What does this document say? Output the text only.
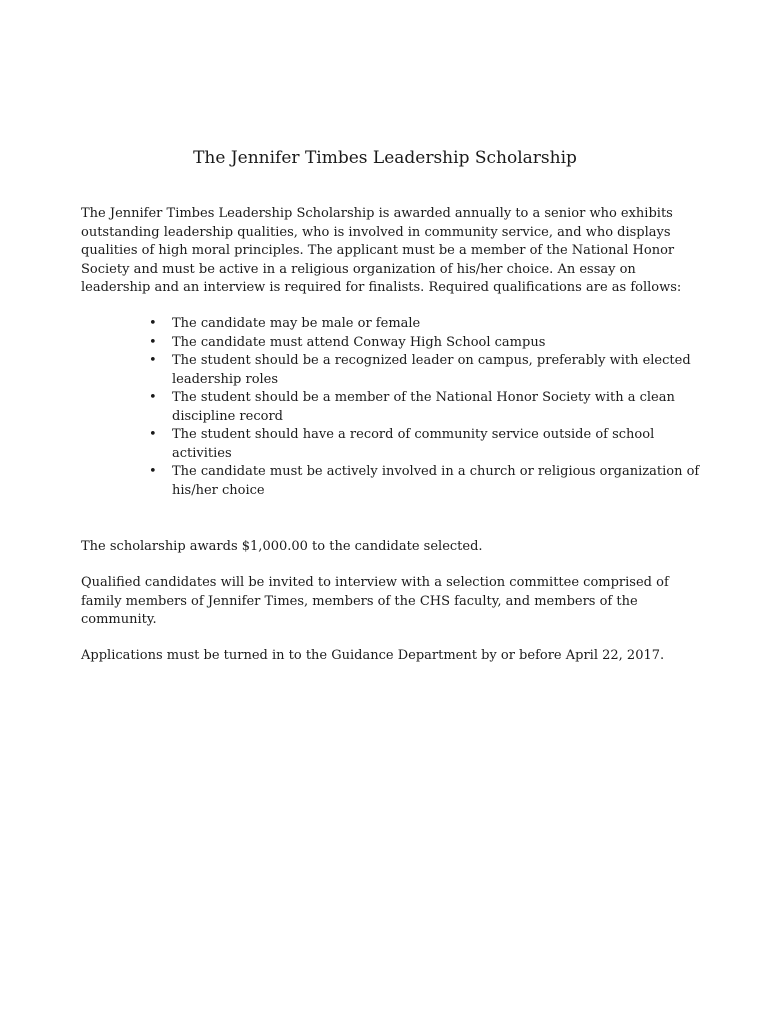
The Jennifer Timbes Leadership Scholarship

The Jennifer Timbes Leadership Scholarship is awarded annually to a senior who exhibits outstanding leadership qualities, who is involved in community service, and who displays qualities of high moral principles. The applicant must be a member of the National Honor Society and must be active in a religious organization of his/her choice. An essay on leadership and an interview is required for finalists. Required qualifications are as follows:

•	The candidate may be male or female
•	The candidate must attend Conway High School campus
•	The student should be a recognized leader on campus, preferably with elected leadership roles
•	The student should be a member of the National Honor Society with a clean discipline record
•	The student should have a record of community service outside of school activities
•	The candidate must be actively involved in a church or religious organization of his/her choice

The scholarship awards $1,000.00 to the candidate selected.

Qualified candidates will be invited to interview with a selection committee comprised of family members of Jennifer Times, members of the CHS faculty, and members of the community.

Applications must be turned in to the Guidance Department by or before April 22, 2017.
